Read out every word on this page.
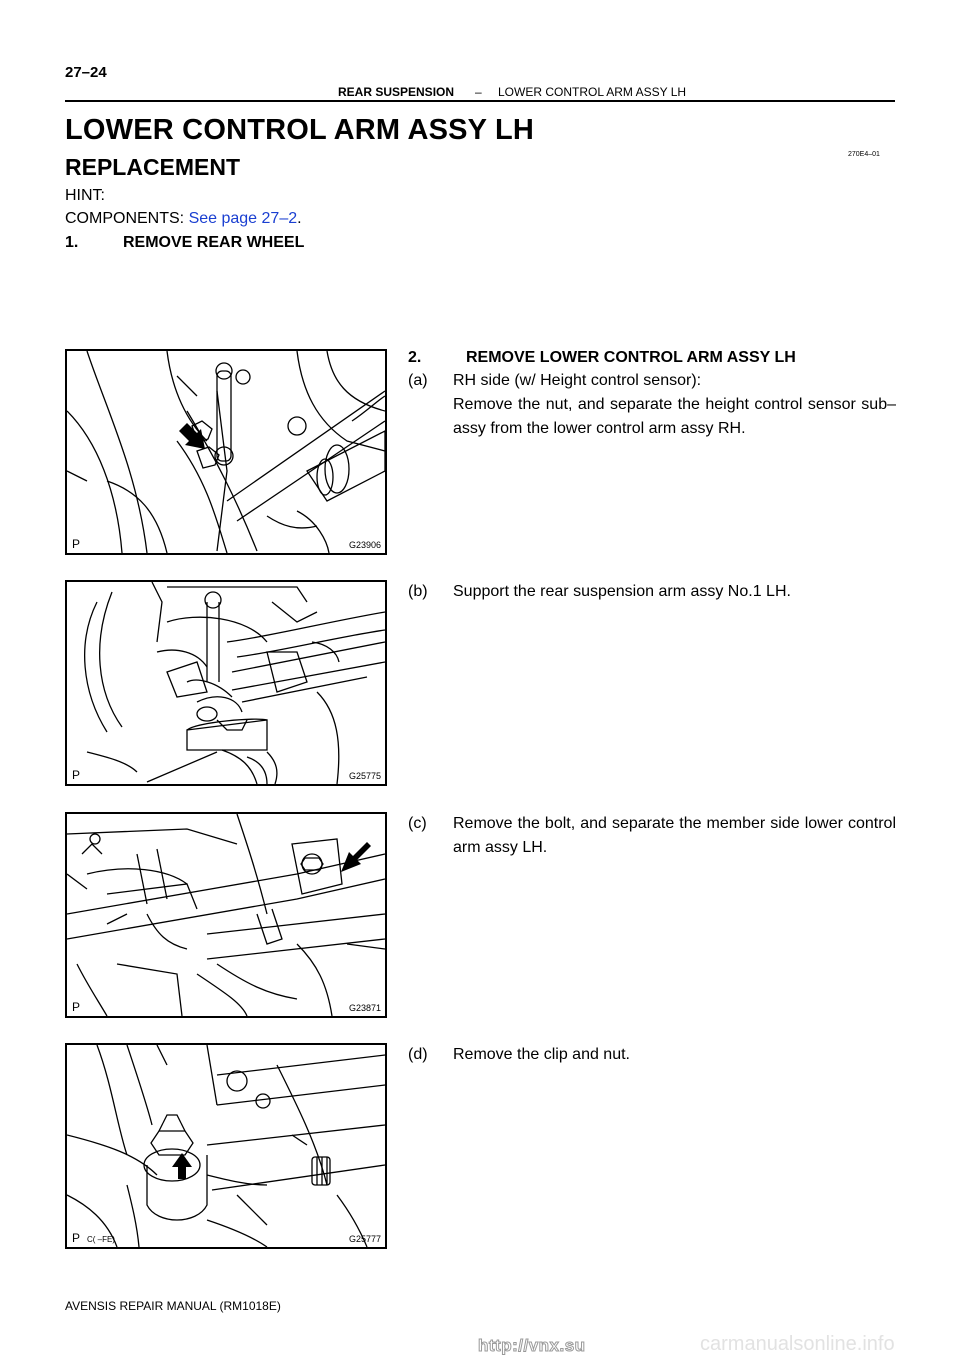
27–24
REAR SUSPENSION – LOWER CONTROL ARM ASSY LH
LOWER CONTROL ARM ASSY LH
270E4–01
REPLACEMENT
HINT:
COMPONENTS: See page 27–2.
1.	REMOVE REAR WHEEL
2.	REMOVE LOWER CONTROL ARM ASSY LH
(a) RH side (w/ Height control sensor):
Remove the nut, and separate the height control sensor sub–assy from the lower control arm assy RH.
(b) Support the rear suspension arm assy No.1 LH.
(c) Remove the bolt, and separate the member side lower control arm assy LH.
(d) Remove the clip and nut.
P	G23906
P	G25775
P	G23871
P C( –FE)	G25777
AVENSIS REPAIR MANUAL (RM1018E)
http://vnx.su	carmanualsonline.info
